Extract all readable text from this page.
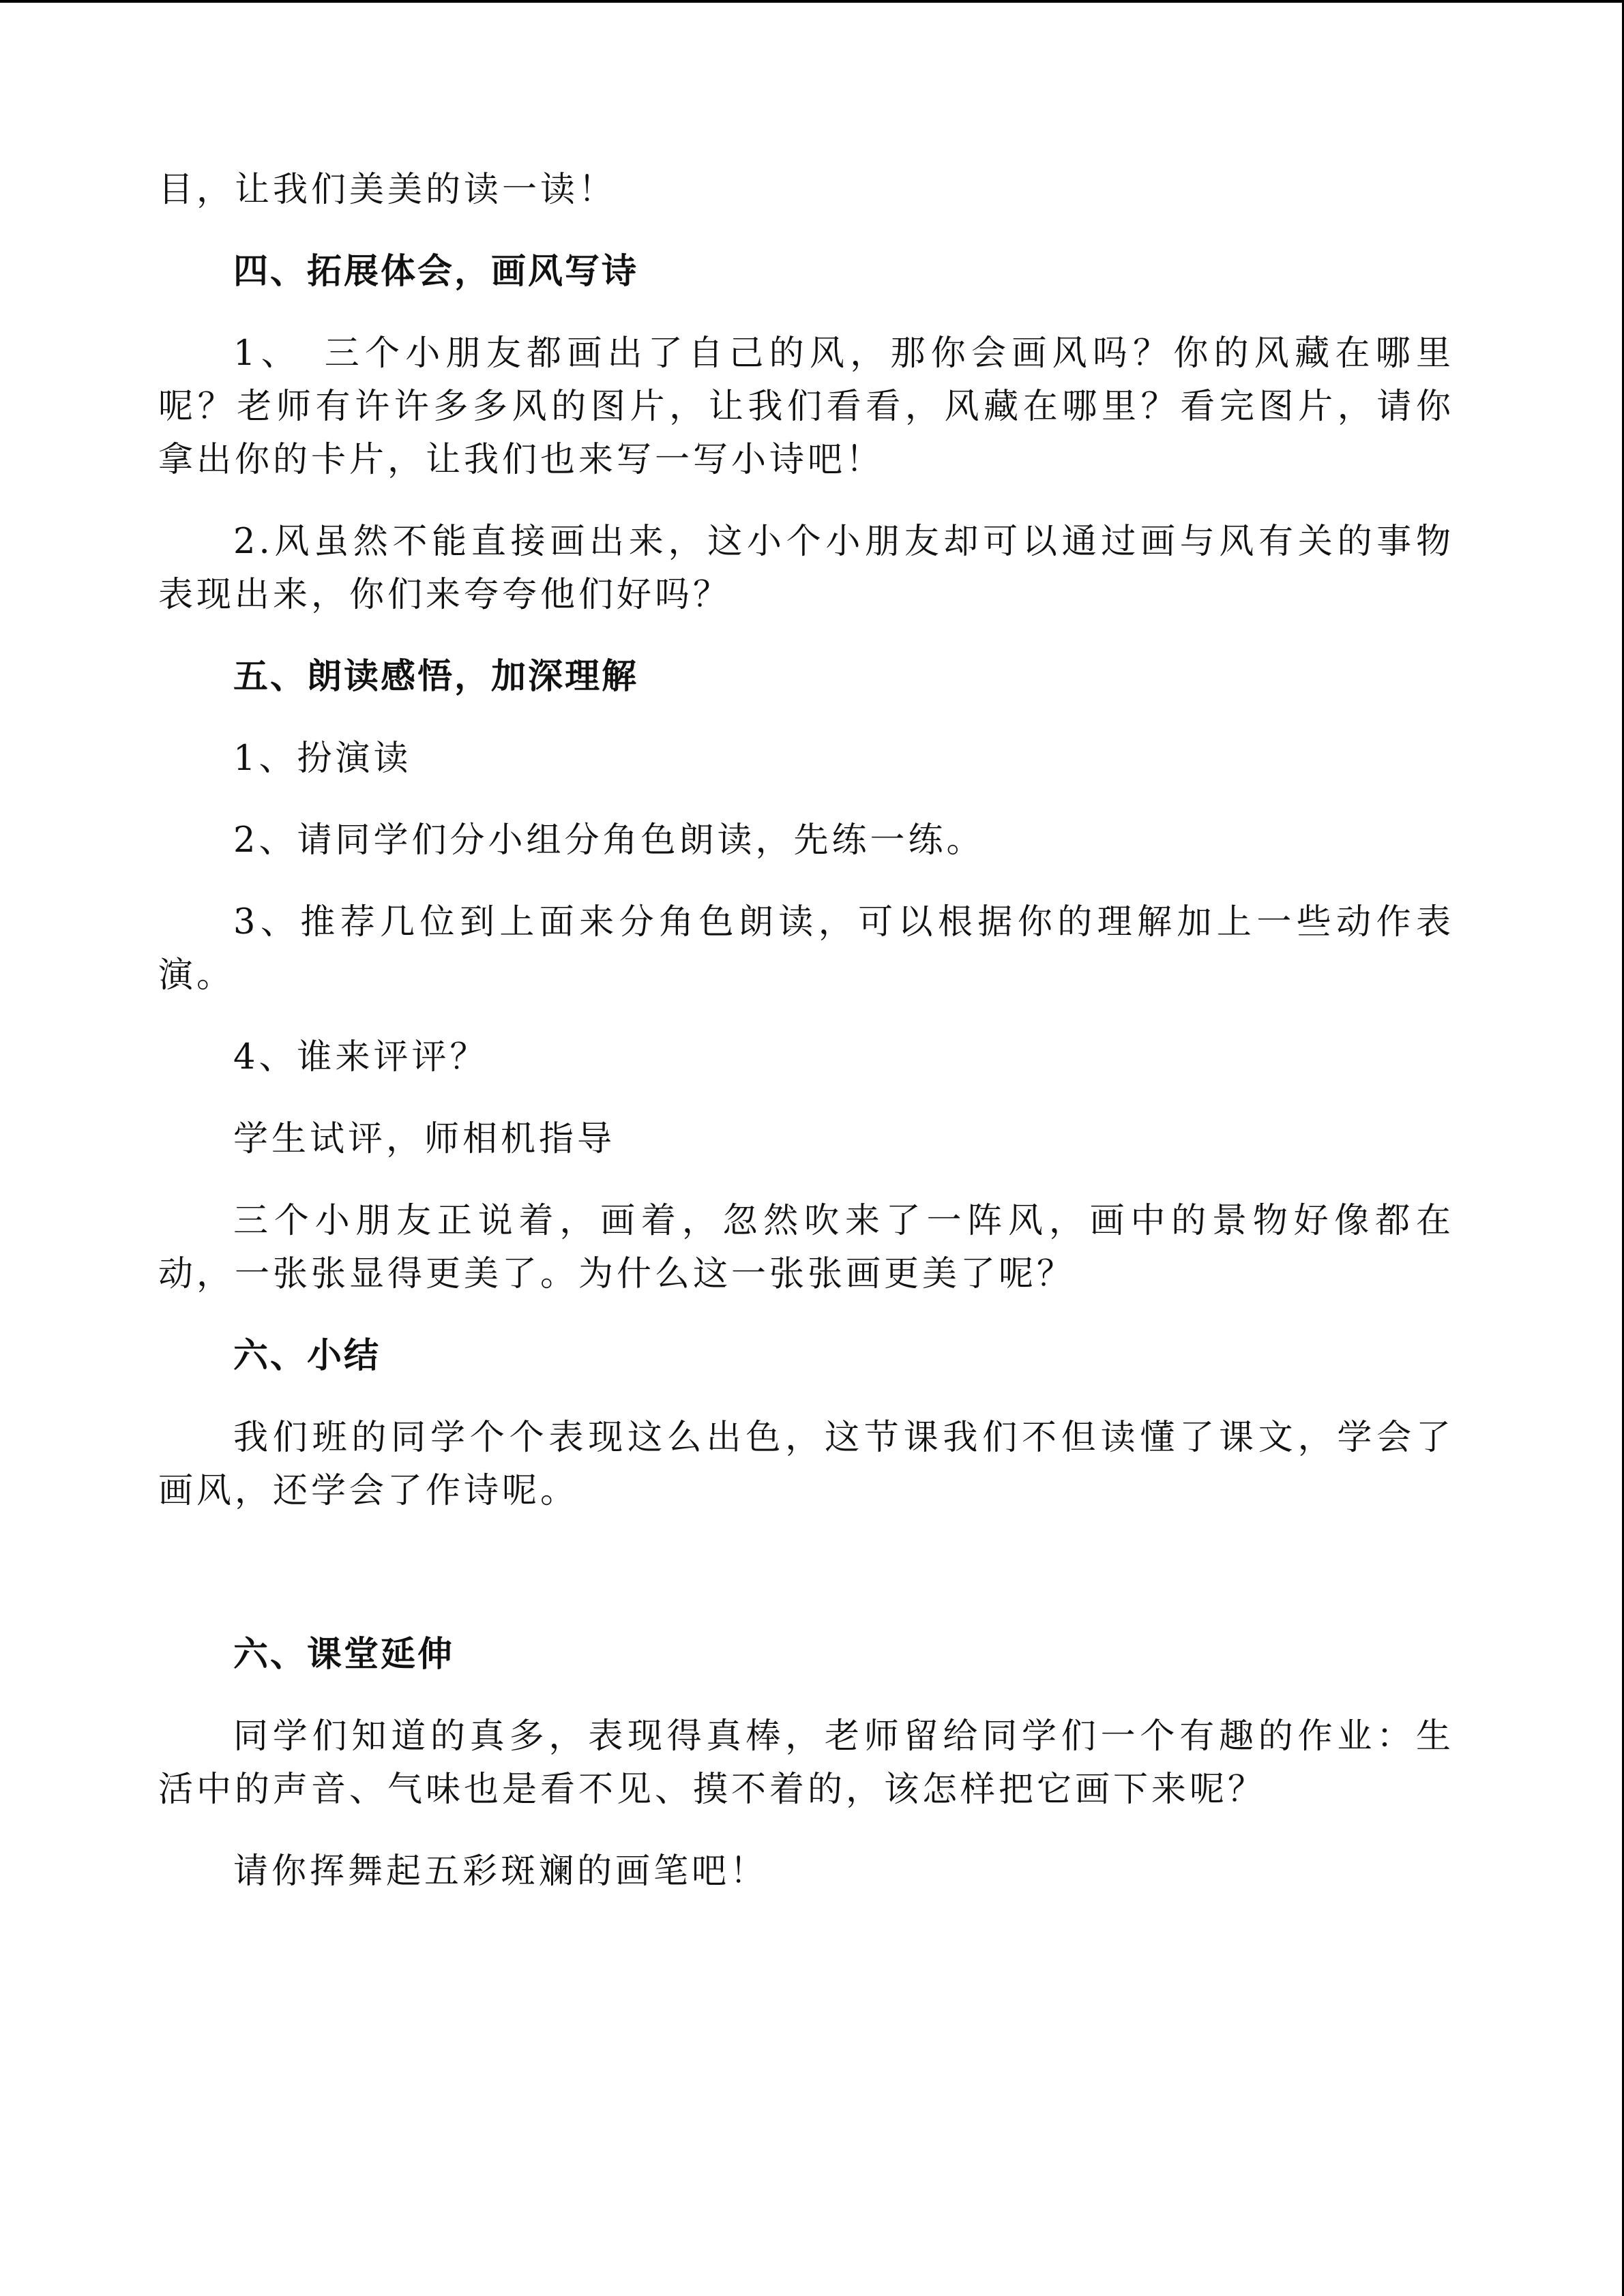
目，让我们美美的读一读！

四、拓展体会，画风写诗

1、　三个小朋友都画出了自己的风，那你会画风吗？你的风藏在哪里呢？老师有许许多多风的图片，让我们看看，风藏在哪里？看完图片，请你拿出你的卡片，让我们也来写一写小诗吧！

2.风虽然不能直接画出来，这小个小朋友却可以通过画与风有关的事物表现出来，你们来夸夸他们好吗？

五、朗读感悟，加深理解

1、扮演读

2、请同学们分小组分角色朗读，先练一练。

3、推荐几位到上面来分角色朗读，可以根据你的理解加上一些动作表演。

4、谁来评评？

学生试评，师相机指导

三个小朋友正说着，画着，忽然吹来了一阵风，画中的景物好像都在动，一张张显得更美了。为什么这一张张画更美了呢？

六、小结

我们班的同学个个表现这么出色，这节课我们不但读懂了课文，学会了画风，还学会了作诗呢。

六、课堂延伸

同学们知道的真多，表现得真棒，老师留给同学们一个有趣的作业：生活中的声音、气味也是看不见、摸不着的，该怎样把它画下来呢？

请你挥舞起五彩斑斓的画笔吧！
